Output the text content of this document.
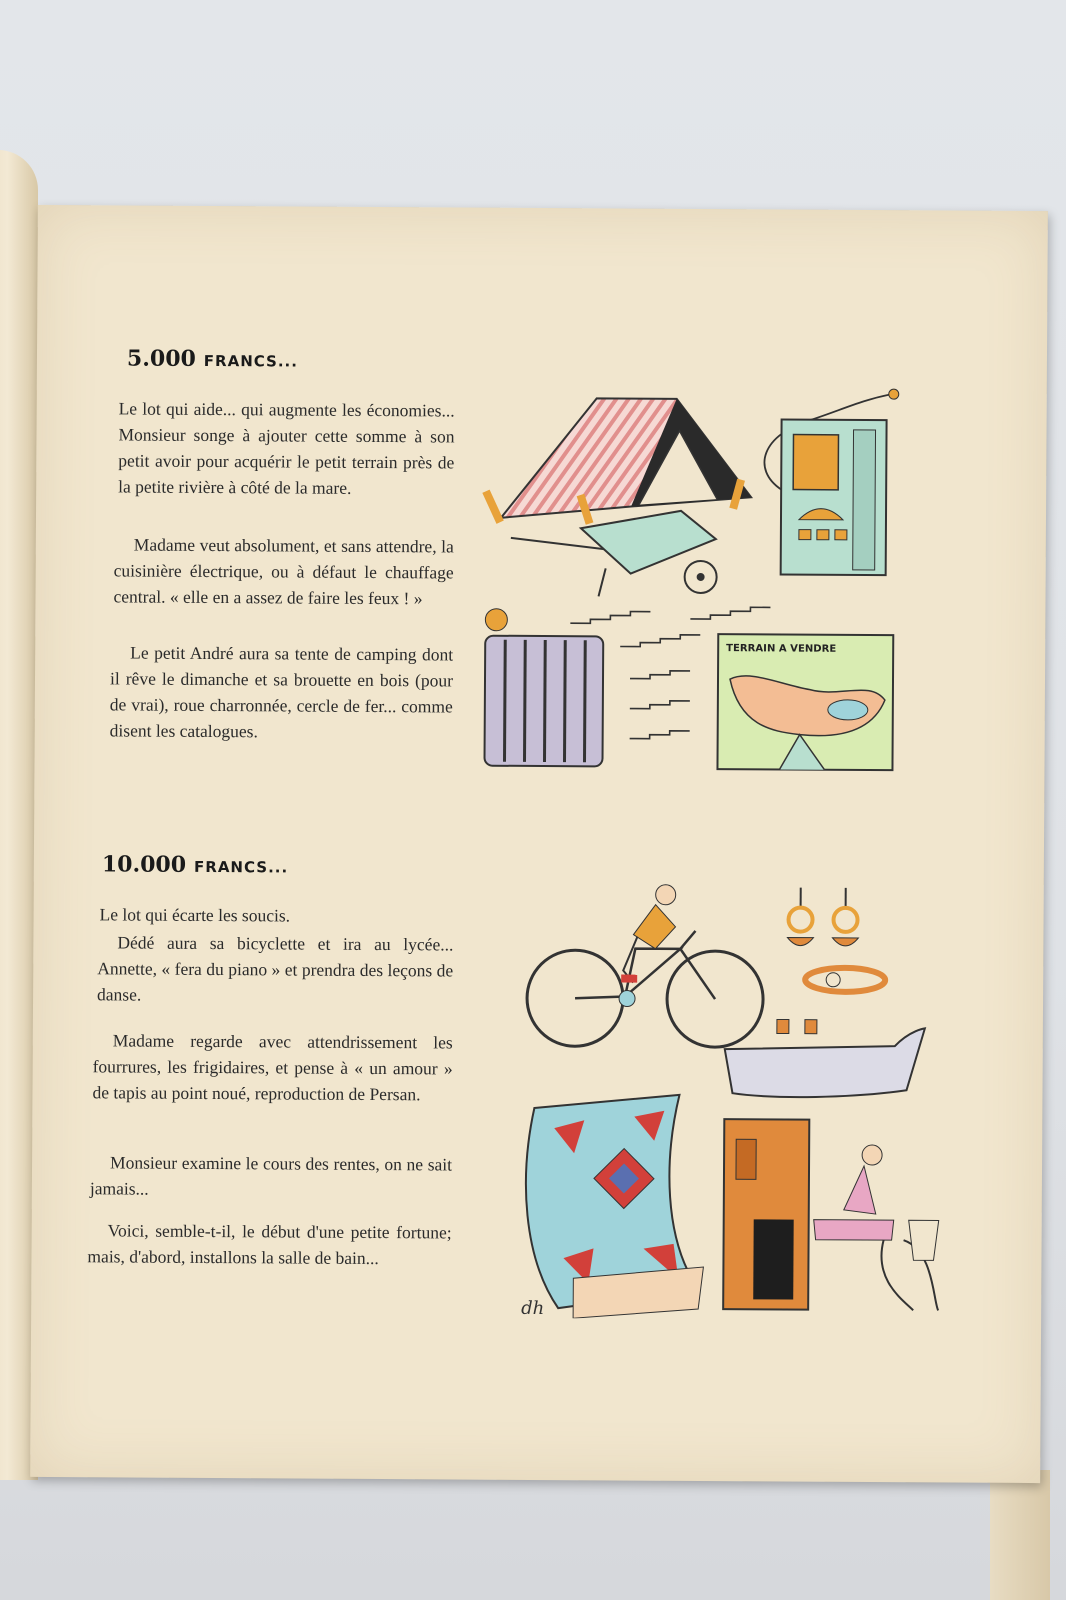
5.000 FRANCS...

Le lot qui aide... qui augmente les économies... Monsieur songe à ajouter cette somme à son petit avoir pour acquérir le petit terrain près de la petite rivière à côté de la mare.

Madame veut absolument, et sans attendre, la cuisinière électrique, ou à défaut le chauffage central. « elle en a assez de faire les feux ! »

Le petit André aura sa tente de camping dont il rêve le dimanche et sa brouette en bois (pour de vrai), roue charronnée, cercle de fer... comme disent les catalogues.

TERRAIN A VENDRE
10.000 FRANCS...

Le lot qui écarte les soucis.

Dédé aura sa bicyclette et ira au lycée... Annette, « fera du piano » et prendra des leçons de danse.

Madame regarde avec attendrissement les fourrures, les frigidaires, et pense à « un amour » de tapis au point noué, reproduction de Persan.

Monsieur examine le cours des rentes, on ne sait jamais...

Voici, semble-t-il, le début d'une petite fortune; mais, d'abord, installons la salle de bain...

dh
